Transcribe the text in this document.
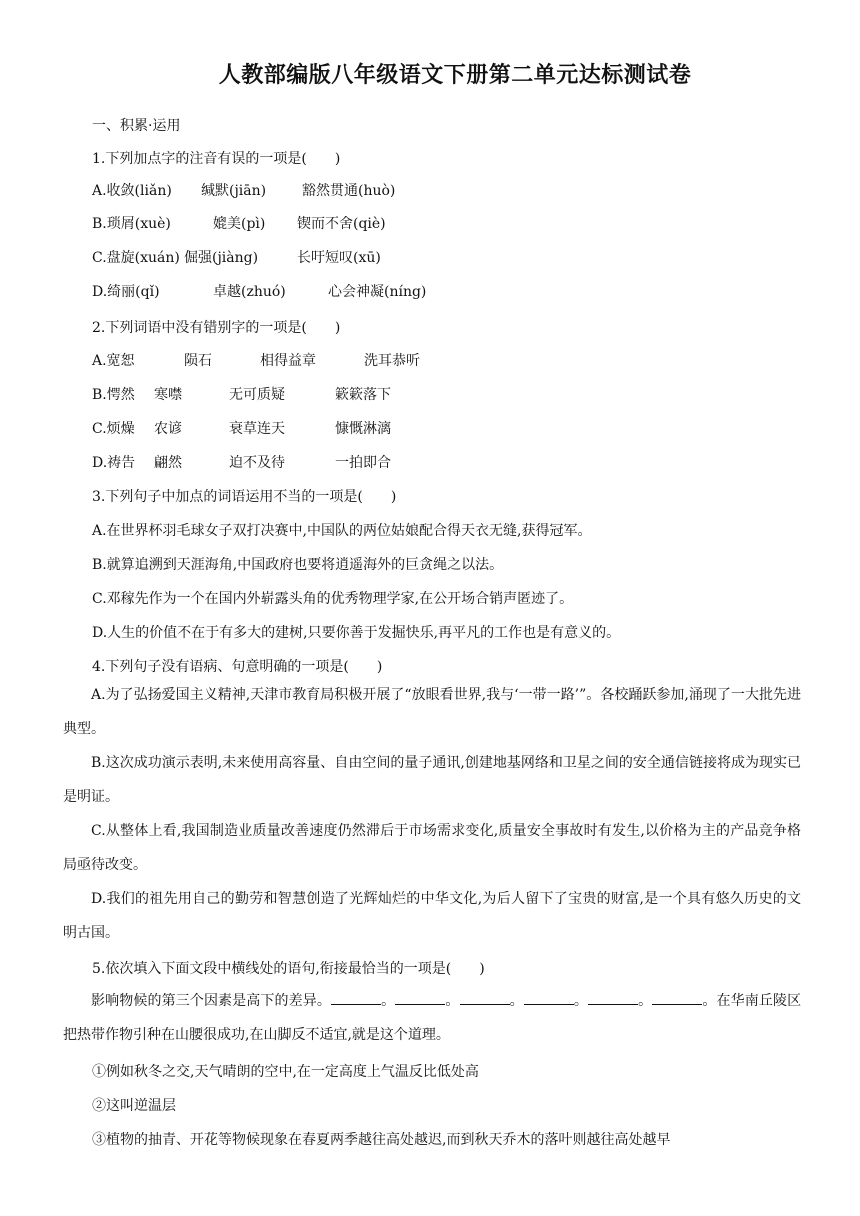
人教部编版八年级语文下册第二单元达标测试卷
一、积累·运用
1.下列加点字的注音有误的一项是(　　)
A.收敛(liǎn) 缄默(jiān)	豁然贯通(huò)
B.琐屑(xuè)	媲美(pì) 锲而不舍(qiè)
C.盘旋(xuán) 倔强(jiàng)	长吁短叹(xū)
D.绮丽(qǐ)	卓越(zhuó)	心会神凝(níng)
2.下列词语中没有错别字的一项是(　　)
A.宽恕	陨石	相得益章	洗耳恭听
B.愕然 寒噤	无可质疑	簌簌落下
C.烦燥 农谚	衰草连天	慷慨淋漓
D.祷告 翩然	迫不及待	一拍即合
3.下列句子中加点的词语运用不当的一项是(　　)
A.在世界杯羽毛球女子双打决赛中,中国队的两位姑娘配合得天衣无缝,获得冠军。
B.就算追溯到天涯海角,中国政府也要将逍遥海外的巨贪绳之以法。
C.邓稼先作为一个在国内外崭露头角的优秀物理学家,在公开场合销声匿迹了。
D.人生的价值不在于有多大的建树,只要你善于发掘快乐,再平凡的工作也是有意义的。
4.下列句子没有语病、句意明确的一项是(　　)
A.为了弘扬爱国主义精神,天津市教育局积极开展了“放眼看世界,我与‘一带一路’”。各校踊跃参加,涌现了一大批先进典型。
B.这次成功演示表明,未来使用高容量、自由空间的量子通讯,创建地基网络和卫星之间的安全通信链接将成为现实已是明证。
C.从整体上看,我国制造业质量改善速度仍然滞后于市场需求变化,质量安全事故时有发生,以价格为主的产品竞争格局亟待改变。
D.我们的祖先用自己的勤劳和智慧创造了光辉灿烂的中华文化,为后人留下了宝贵的财富,是一个具有悠久历史的文明古国。
5.依次填入下面文段中横线处的语句,衔接最恰当的一项是(　　)
影响物候的第三个因素是高下的差异。	。	。	。	。	。	。在华南丘陵区把热带作物引种在山腰很成功,在山脚反不适宜,就是这个道理。
①例如秋冬之交,天气晴朗的空中,在一定高度上气温反比低处高
②这叫逆温层
③植物的抽青、开花等物候现象在春夏两季越往高处越迟,而到秋天乔木的落叶则越往高处越早
